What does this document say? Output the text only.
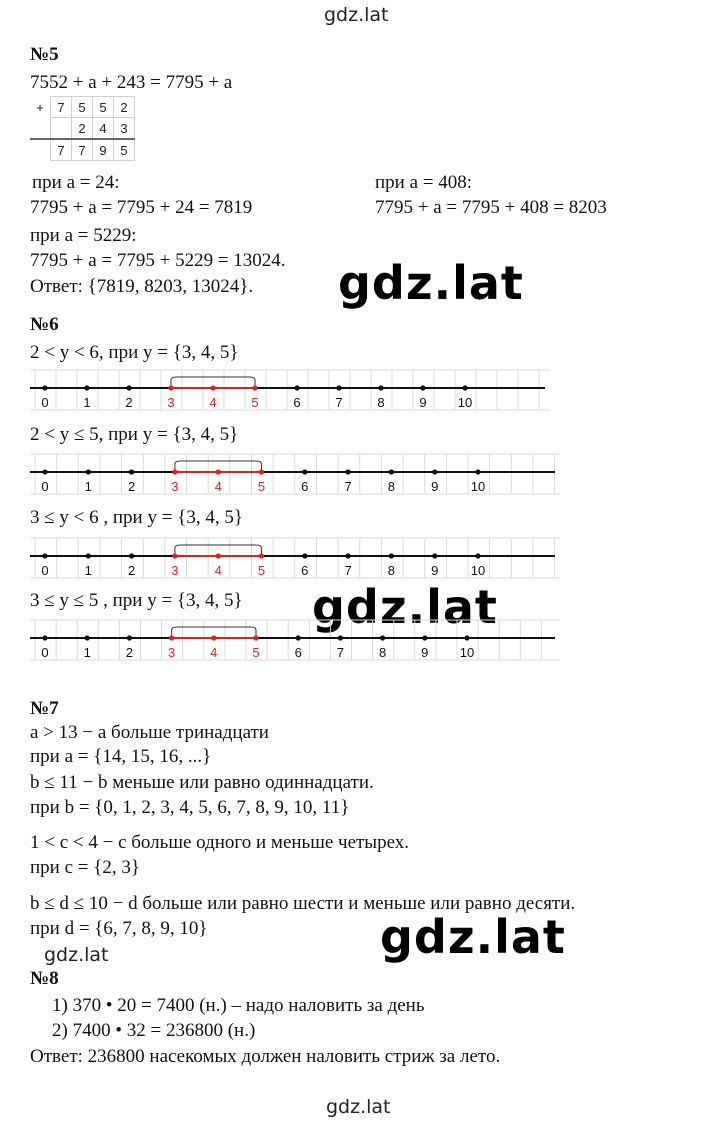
gdz.lat
gdz.lat
gdz.lat
gdz.lat	gdz.lat
gdz.lat
№5
7552 + a + 243 = 7795 + a
+	7	5	5	2
		2	4	3
	7	7	9	5
при a = 24:
7795 + a = 7795 + 24 = 7819
при a = 408:
7795 + a = 7795 + 408 = 8203
при a = 5229:
7795 + a = 7795 + 5229 = 13024.
Ответ: {7819, 8203, 13024}.
№6
2 < y < 6, при у = {3, 4, 5}
0	1	2	3	4	5	6	7	8	9 10
2 < y ≤ 5, при у = {3, 4, 5}
0	1	2	3	4	5	6	7	8	9 10
3 ≤ y < 6 , при у = {3, 4, 5}
0	1	2	3	4	5	6	7	8	9 10
3 ≤ y ≤ 5 , при у = {3, 4, 5}
0	1	2	3	4	5	6	7	8	9 10
№7
a > 13 − a больше тринадцати
при a = {14, 15, 16, ...}
b ≤ 11 − b меньше или равно одиннадцати.
при b = {0, 1, 2, 3, 4, 5, 6, 7, 8, 9, 10, 11}
1 < c < 4 − c больше одного и меньше четырех.
при c = {2, 3}
b ≤ d ≤ 10 − d больше или равно шести и меньше или равно десяти.
при d = {6, 7, 8, 9, 10}
№8
1) 370 • 20 = 7400 (н.) – надо наловить за день
2) 7400 • 32 = 236800 (н.)
Ответ: 236800 насекомых должен наловить стриж за лето.
